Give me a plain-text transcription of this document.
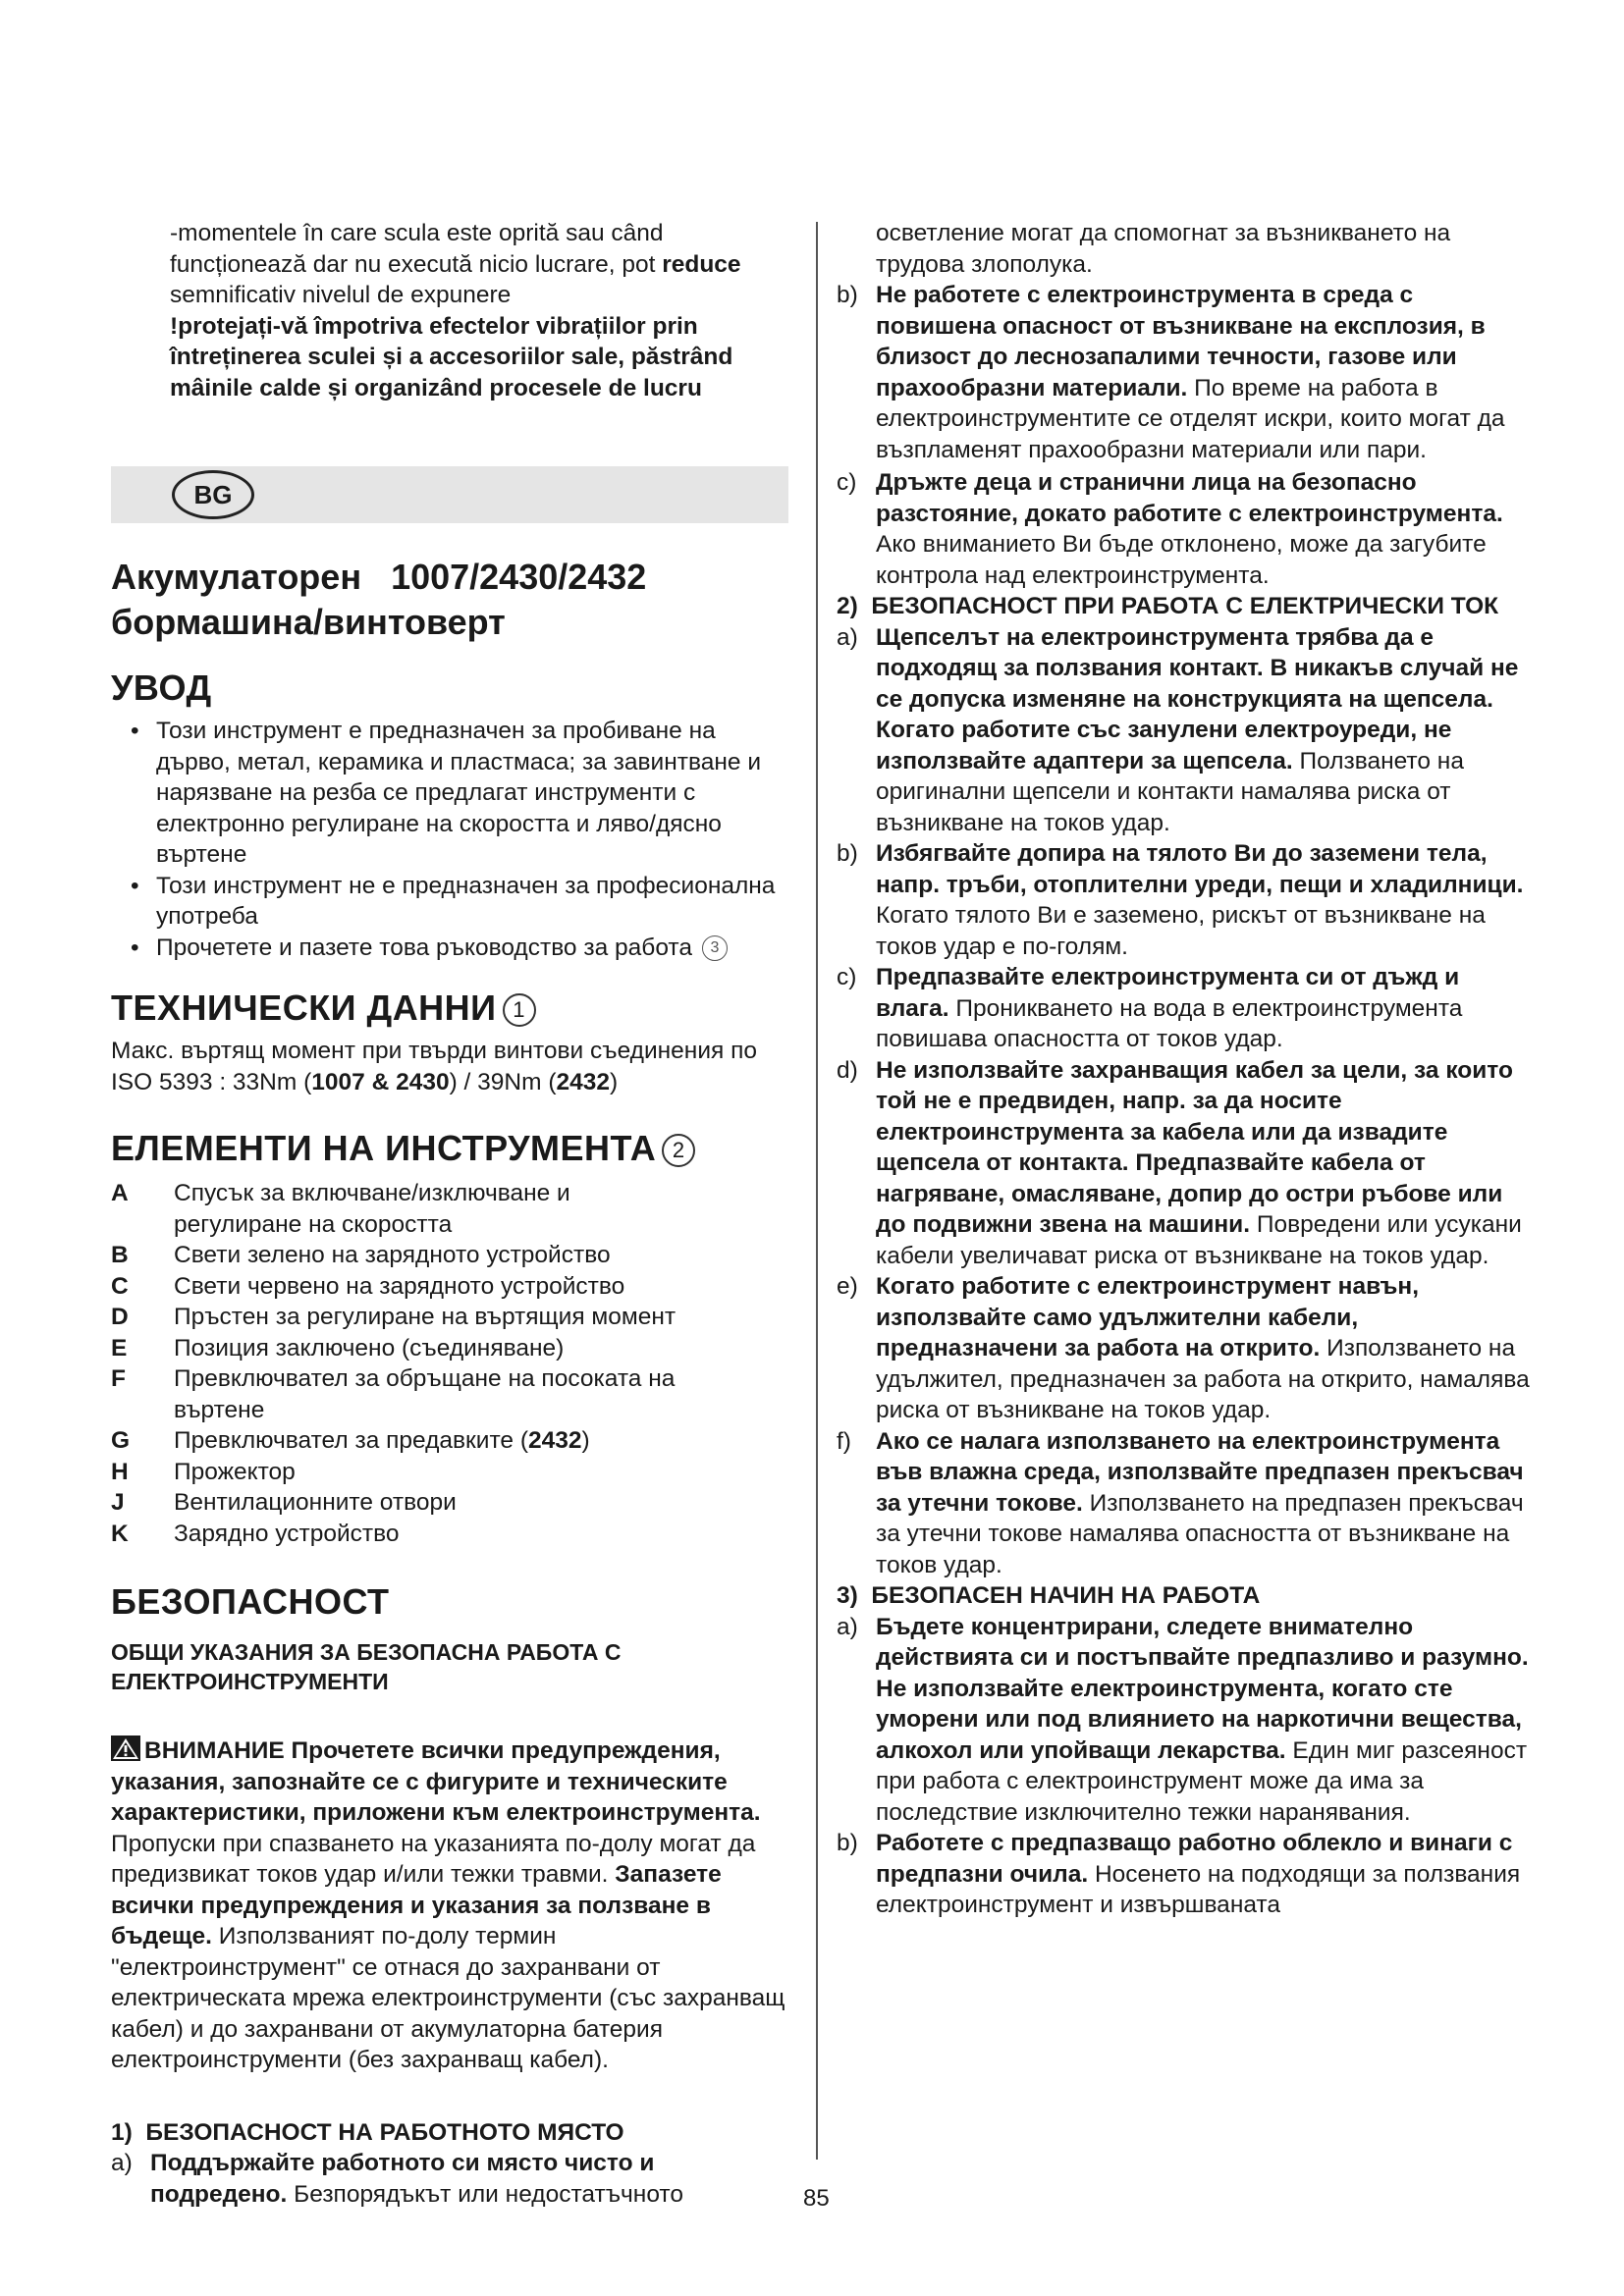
-momentele în care scula este oprită sau când
funcționează dar nu execută nicio lucrare, pot reduce
semnificativ nivelul de expunere
!protejați-vă împotriva efectelor vibrațiilor prin
întreținerea sculei și a accesoriilor sale, păstrând
mâinile calde și organizând procesele de lucru
BG
Акумулаторен   1007/2430/2432
бормашина/винтоверт
УВОД
• Този инструмент е предназначен за пробиване на дърво, метал, керамика и пластмаса; за завинтване и нарязване на резба се предлагат инструменти с електронно регулиране на скоростта и ляво/дясно въртене
• Този инструмент не е предназначен за професионална употреба
• Прочетете и пазете това ръководство за работа 3
ТЕХНИЧЕСКИ ДАННИ 1
Макс. въртящ момент при твърди винтови съединения по ISO 5393 : 33Nm (1007 & 2430) / 39Nm (2432)
ЕЛЕМЕНТИ НА ИНСТРУМЕНТА 2
A	Спусък за включване/изключване и регулиране на скоростта
B	Свети зелено на зарядното устройство
C	Свети червено на зарядното устройство
D	Пръстен за регулиране на въртящия момент
E	Позиция заключено (съединяване)
F	Превключвател за обръщане на посоката на въртене
G	Превключвател за предавките (2432)
H	Прожектор
J	Вентилационните отвори
K	Зарядно устройство
БЕЗОПАСНОСТ
ОБЩИ УКАЗАНИЯ ЗА БЕЗОПАСНА РАБОТА С ЕЛЕКТРОИНСТРУМЕНТИ
ВНИМАНИЕ Прочетете всички предупреждения, указания, запознайте се с фигурите и техническите характеристики, приложени към електроинструмента. Пропуски при спазването на указанията по-долу могат да предизвикат токов удар и/или тежки травми. Запазете всички предупреждения и указания за ползване в бъдеще. Използваният по-долу термин "електроинструмент" се отнася до захранвани от електрическата мрежа електроинструменти (със захранващ кабел) и до захранвани от акумулаторна батерия електроинструменти (без захранващ кабел).
1)  БЕЗОПАСНОСТ НА РАБОТНОТО МЯСТО
a) Поддържайте работното си място чисто и подредено. Безпорядъкът или недостатъчното
осветление могат да спомогнат за възникването на трудова злополука.
b) Не работете с електроинструмента в среда с повишена опасност от възникване на експлозия, в близост до леснозапалими течности, газове или прахообразни материали. По време на работа в електроинструментите се отделят искри, които могат да възпламенят прахообразни материали или пари.
c) Дръжте деца и странични лица на безопасно разстояние, докато работите с електроинструмента. Ако вниманието Ви бъде отклонено, може да загубите контрола над електроинструмента.
2)  БЕЗОПАСНОСТ ПРИ РАБОТА С ЕЛЕКТРИЧЕСКИ ТОК
a) Щепселът на електроинструмента трябва да е подходящ за ползвания контакт. В никакъв случай не се допуска изменяне на конструкцията на щепсела. Когато работите със занулени електроуреди, не използвайте адаптери за щепсела. Ползването на оригинални щепсели и контакти намалява риска от възникване на токов удар.
b) Избягвайте допира на тялото Ви до заземени тела, напр. тръби, отоплителни уреди, пещи и хладилници. Когато тялото Ви е заземено, рискът от възникване на токов удар е по-голям.
c) Предпазвайте електроинструмента си от дъжд и влага. Проникването на вода в електроинструмента повишава опасността от токов удар.
d) Не използвайте захранващия кабел за цели, за които той не е предвиден, напр. за да носите електроинструмента за кабела или да извадите щепсела от контакта. Предпазвайте кабела от нагряване, омасляване, допир до остри ръбове или до подвижни звена на машини. Повредени или усукани кабели увеличават риска от възникване на токов удар.
e) Когато работите с електроинструмент навън, използвайте само удължителни кабели, предназначени за работа на открито. Използването на удължител, предназначен за работа на открито, намалява риска от възникване на токов удар.
f) Ако се налага използването на електроинструмента във влажна среда, използвайте предпазен прекъсвач за утечни токове. Използването на предпазен прекъсвач за утечни токове намалява опасността от възникване на токов удар.
3)  БЕЗОПАСЕН НАЧИН НА РАБОТА
a) Бъдете концентрирани, следете внимателно действията си и постъпвайте предпазливо и разумно. Не използвайте електроинструмента, когато сте уморени или под влиянието на наркотични вещества, алкохол или упойващи лекарства. Един миг разсеяност при работа с електроинструмент може да има за последствие изключително тежки наранявания.
b) Работете с предпазващо работно облекло и винаги с предпазни очила. Носенето на подходящи за ползвания електроинструмент и извършваната
85
